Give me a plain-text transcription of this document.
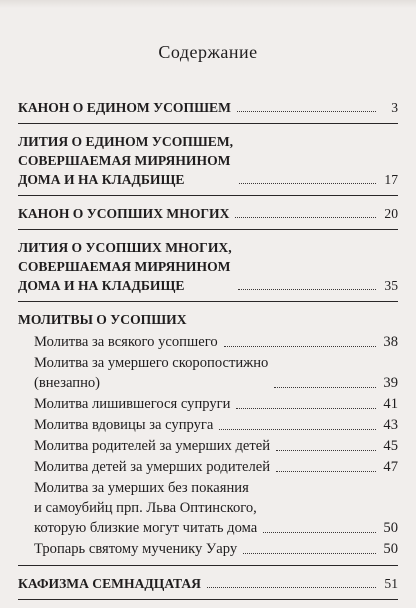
Содержание
КАНОН О ЕДИНОМ УСОПШЕМ	3
ЛИТИЯ О ЕДИНОМ УСОПШЕМ,
СОВЕРШАЕМАЯ МИРЯНИНОМ
ДОМА И НА КЛАДБИЩЕ	17
КАНОН О УСОПШИХ МНОГИХ	20
ЛИТИЯ О УСОПШИХ МНОГИХ,
СОВЕРШАЕМАЯ МИРЯНИНОМ
ДОМА И НА КЛАДБИЩЕ	35
МОЛИТВЫ О УСОПШИХ
Молитва за всякого усопшего	38
Молитва за умершего скоропостижно
(внезапно)	39
Молитва лишившегося супруги	41
Молитва вдовицы за супруга	43
Молитва родителей за умерших детей	45
Молитва детей за умерших родителей	47
Молитва за умерших без покаяния
и самоубийц прп. Льва Оптинского,
которую близкие могут читать дома	50
Тропарь святому мученику Уару	50
КАФИЗМА СЕМНАДЦАТАЯ	51
